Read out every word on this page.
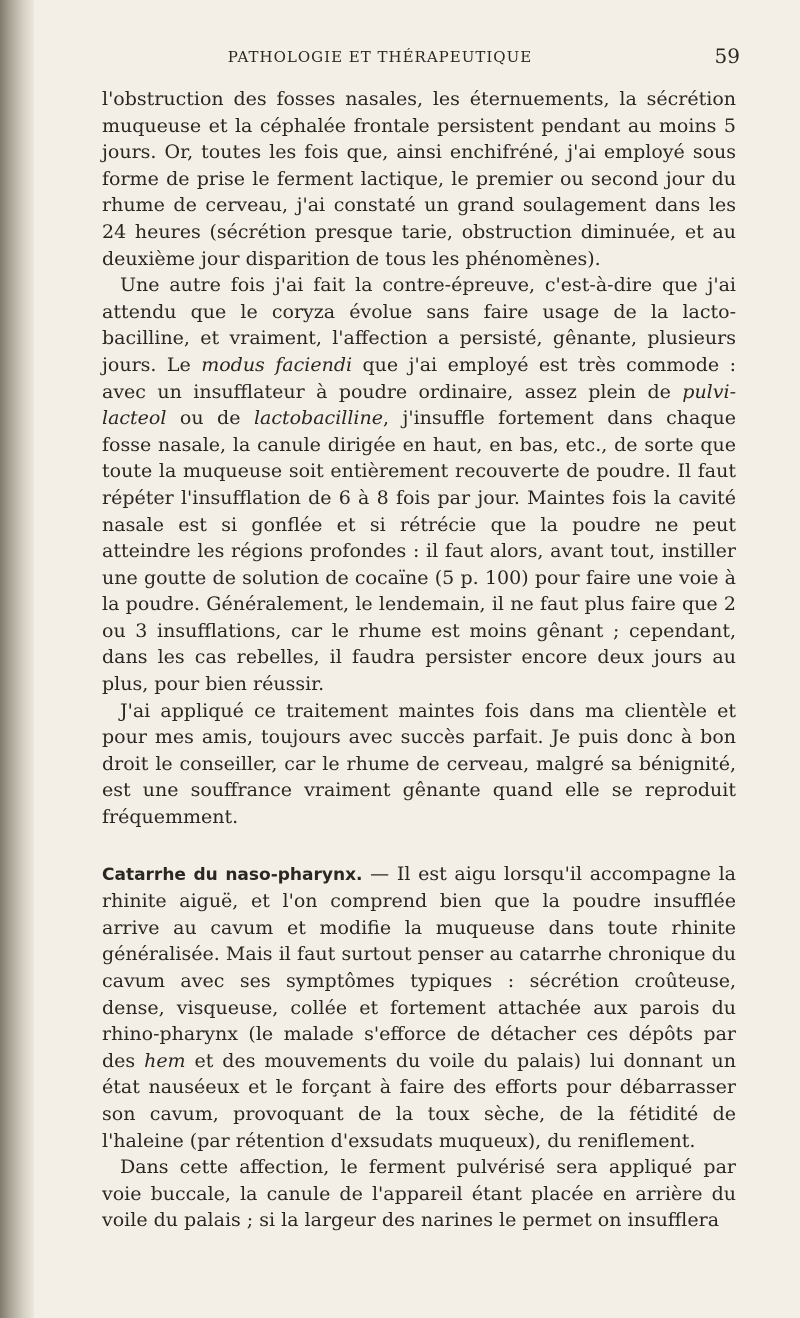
PATHOLOGIE ET THÉRAPEUTIQUE	59

l'obstruction des fosses nasales, les éternuements, la sécrétion muqueuse et la céphalée frontale persistent pendant au moins 5 jours. Or, toutes les fois que, ainsi enchifréné, j'ai employé sous forme de prise le ferment lactique, le premier ou second jour du rhume de cerveau, j'ai constaté un grand soulagement dans les 24 heures (sécrétion presque tarie, obstruction diminuée, et au deuxième jour disparition de tous les phénomènes).

Une autre fois j'ai fait la contre-épreuve, c'est-à-dire que j'ai attendu que le coryza évolue sans faire usage de la lacto-bacilline, et vraiment, l'affection a persisté, gênante, plusieurs jours. Le modus faciendi que j'ai employé est très commode : avec un insufflateur à poudre ordinaire, assez plein de pulvi-lacteol ou de lactobacilline, j'insuffle fortement dans chaque fosse nasale, la canule dirigée en haut, en bas, etc., de sorte que toute la muqueuse soit entièrement recouverte de poudre. Il faut répéter l'insufflation de 6 à 8 fois par jour. Maintes fois la cavité nasale est si gonflée et si rétrécie que la poudre ne peut atteindre les régions profondes : il faut alors, avant tout, instiller une goutte de solution de cocaïne (5 p. 100) pour faire une voie à la poudre. Généralement, le lendemain, il ne faut plus faire que 2 ou 3 insufflations, car le rhume est moins gênant ; cependant, dans les cas rebelles, il faudra persister encore deux jours au plus, pour bien réussir.

J'ai appliqué ce traitement maintes fois dans ma clientèle et pour mes amis, toujours avec succès parfait. Je puis donc à bon droit le conseiller, car le rhume de cerveau, malgré sa bénignité, est une souffrance vraiment gênante quand elle se reproduit fréquemment.

Catarrhe du naso-pharynx. — Il est aigu lorsqu'il accompagne la rhinite aiguë, et l'on comprend bien que la poudre insufflée arrive au cavum et modifie la muqueuse dans toute rhinite généralisée. Mais il faut surtout penser au catarrhe chronique du cavum avec ses symptômes typiques : sécrétion croûteuse, dense, visqueuse, collée et fortement attachée aux parois du rhino-pharynx (le malade s'efforce de détacher ces dépôts par des hem et des mouvements du voile du palais) lui donnant un état nauséeux et le forçant à faire des efforts pour débarrasser son cavum, provoquant de la toux sèche, de la fétidité de l'haleine (par rétention d'exsudats muqueux), du reniflement.

Dans cette affection, le ferment pulvérisé sera appliqué par voie buccale, la canule de l'appareil étant placée en arrière du voile du palais ; si la largeur des narines le permet on insufflera
